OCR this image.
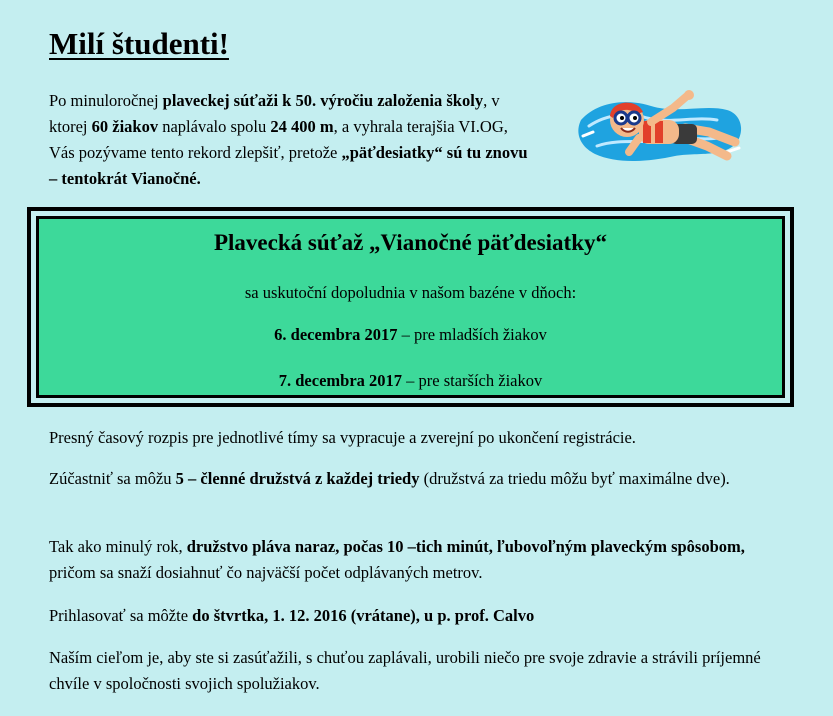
Milí študenti!

Po minuloročnej plaveckej súťaži k 50. výročiu založenia školy, v ktorej 60 žiakov naplávalo spolu 24 400 m, a vyhrala terajšia VI.OG, Vás pozývame tento rekord zlepšiť, pretože „päťdesiatky“ sú tu znovu – tentokrát Vianočné.

Plavecká súťaž „Vianočné päťdesiatky“

sa uskutoční dopoludnia v našom bazéne v dňoch:

6. decembra 2017 – pre mladších žiakov

7. decembra 2017 – pre starších žiakov

Presný časový rozpis pre jednotlivé tímy sa vypracuje a zverejní po ukončení registrácie.

Zúčastniť sa môžu 5 – členné družstvá z každej triedy (družstvá za triedu môžu byť maximálne dve).

Tak ako minulý rok, družstvo pláva naraz, počas 10 –tich minút, ľubovoľným plaveckým spôsobom, pričom sa snaží dosiahnuť čo najväčší počet odplávaných metrov.

Prihlasovať sa môžte do štvrtka, 1. 12. 2016 (vrátane), u p. prof. Calvo

Naším cieľom je, aby ste si zasúťažili, s chuťou zaplávali, urobili niečo pre svoje zdravie a strávili príjemné chvíle v spoločnosti svojich spolužiakov.
